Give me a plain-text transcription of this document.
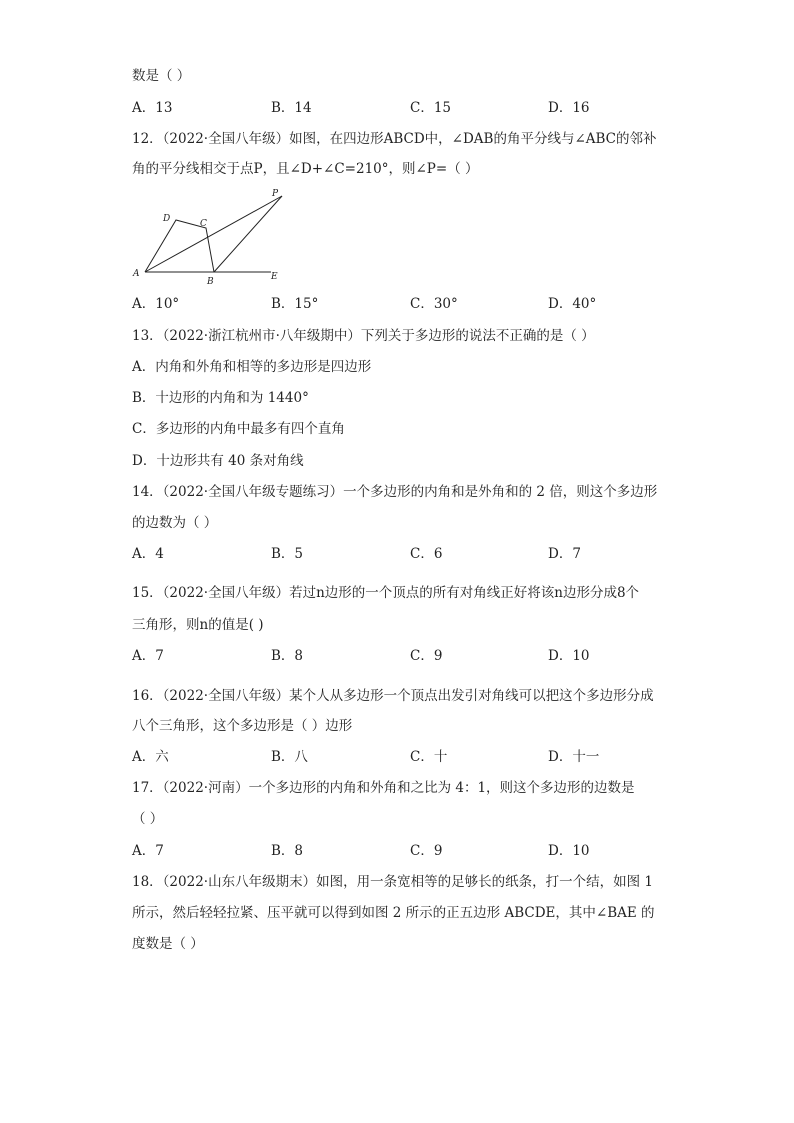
数是（ ）
A．13	B．14	C．15	D．16
12．（2022·全国八年级）如图，在四边形ABCD中，∠DAB的角平分线与∠ABC的邻补
角的平分线相交于点P，且∠D+∠C=210°，则∠P=（ ）
D	C
P
A
B	E
A．10°	B．15°	C．30°	D．40°
13．（2022·浙江杭州市·八年级期中）下列关于多边形的说法不正确的是（ ）
A．内角和外角和相等的多边形是四边形
B．十边形的内角和为 1440°
C．多边形的内角中最多有四个直角
D．十边形共有 40 条对角线
14．（2022·全国八年级专题练习）一个多边形的内角和是外角和的 2 倍，则这个多边形
的边数为（ ）
A．4	B．5	C．6	D．7
15．（2022·全国八年级）若过n边形的一个顶点的所有对角线正好将该n边形分成8个
三角形，则n的值是( )
A．7	B．8	C．9	D．10
16．（2022·全国八年级）某个人从多边形一个顶点出发引对角线可以把这个多边形分成
八个三角形，这个多边形是（ ）边形
A．六	B．八	C．十	D．十一
17．（2022·河南）一个多边形的内角和外角和之比为 4：1，则这个多边形的边数是
（ ）
A．7	B．8	C．9	D．10
18．（2022·山东八年级期末）如图，用一条宽相等的足够长的纸条，打一个结，如图 1
所示，然后轻轻拉紧、压平就可以得到如图 2 所示的正五边形 ABCDE，其中∠BAE 的
度数是（ ）
